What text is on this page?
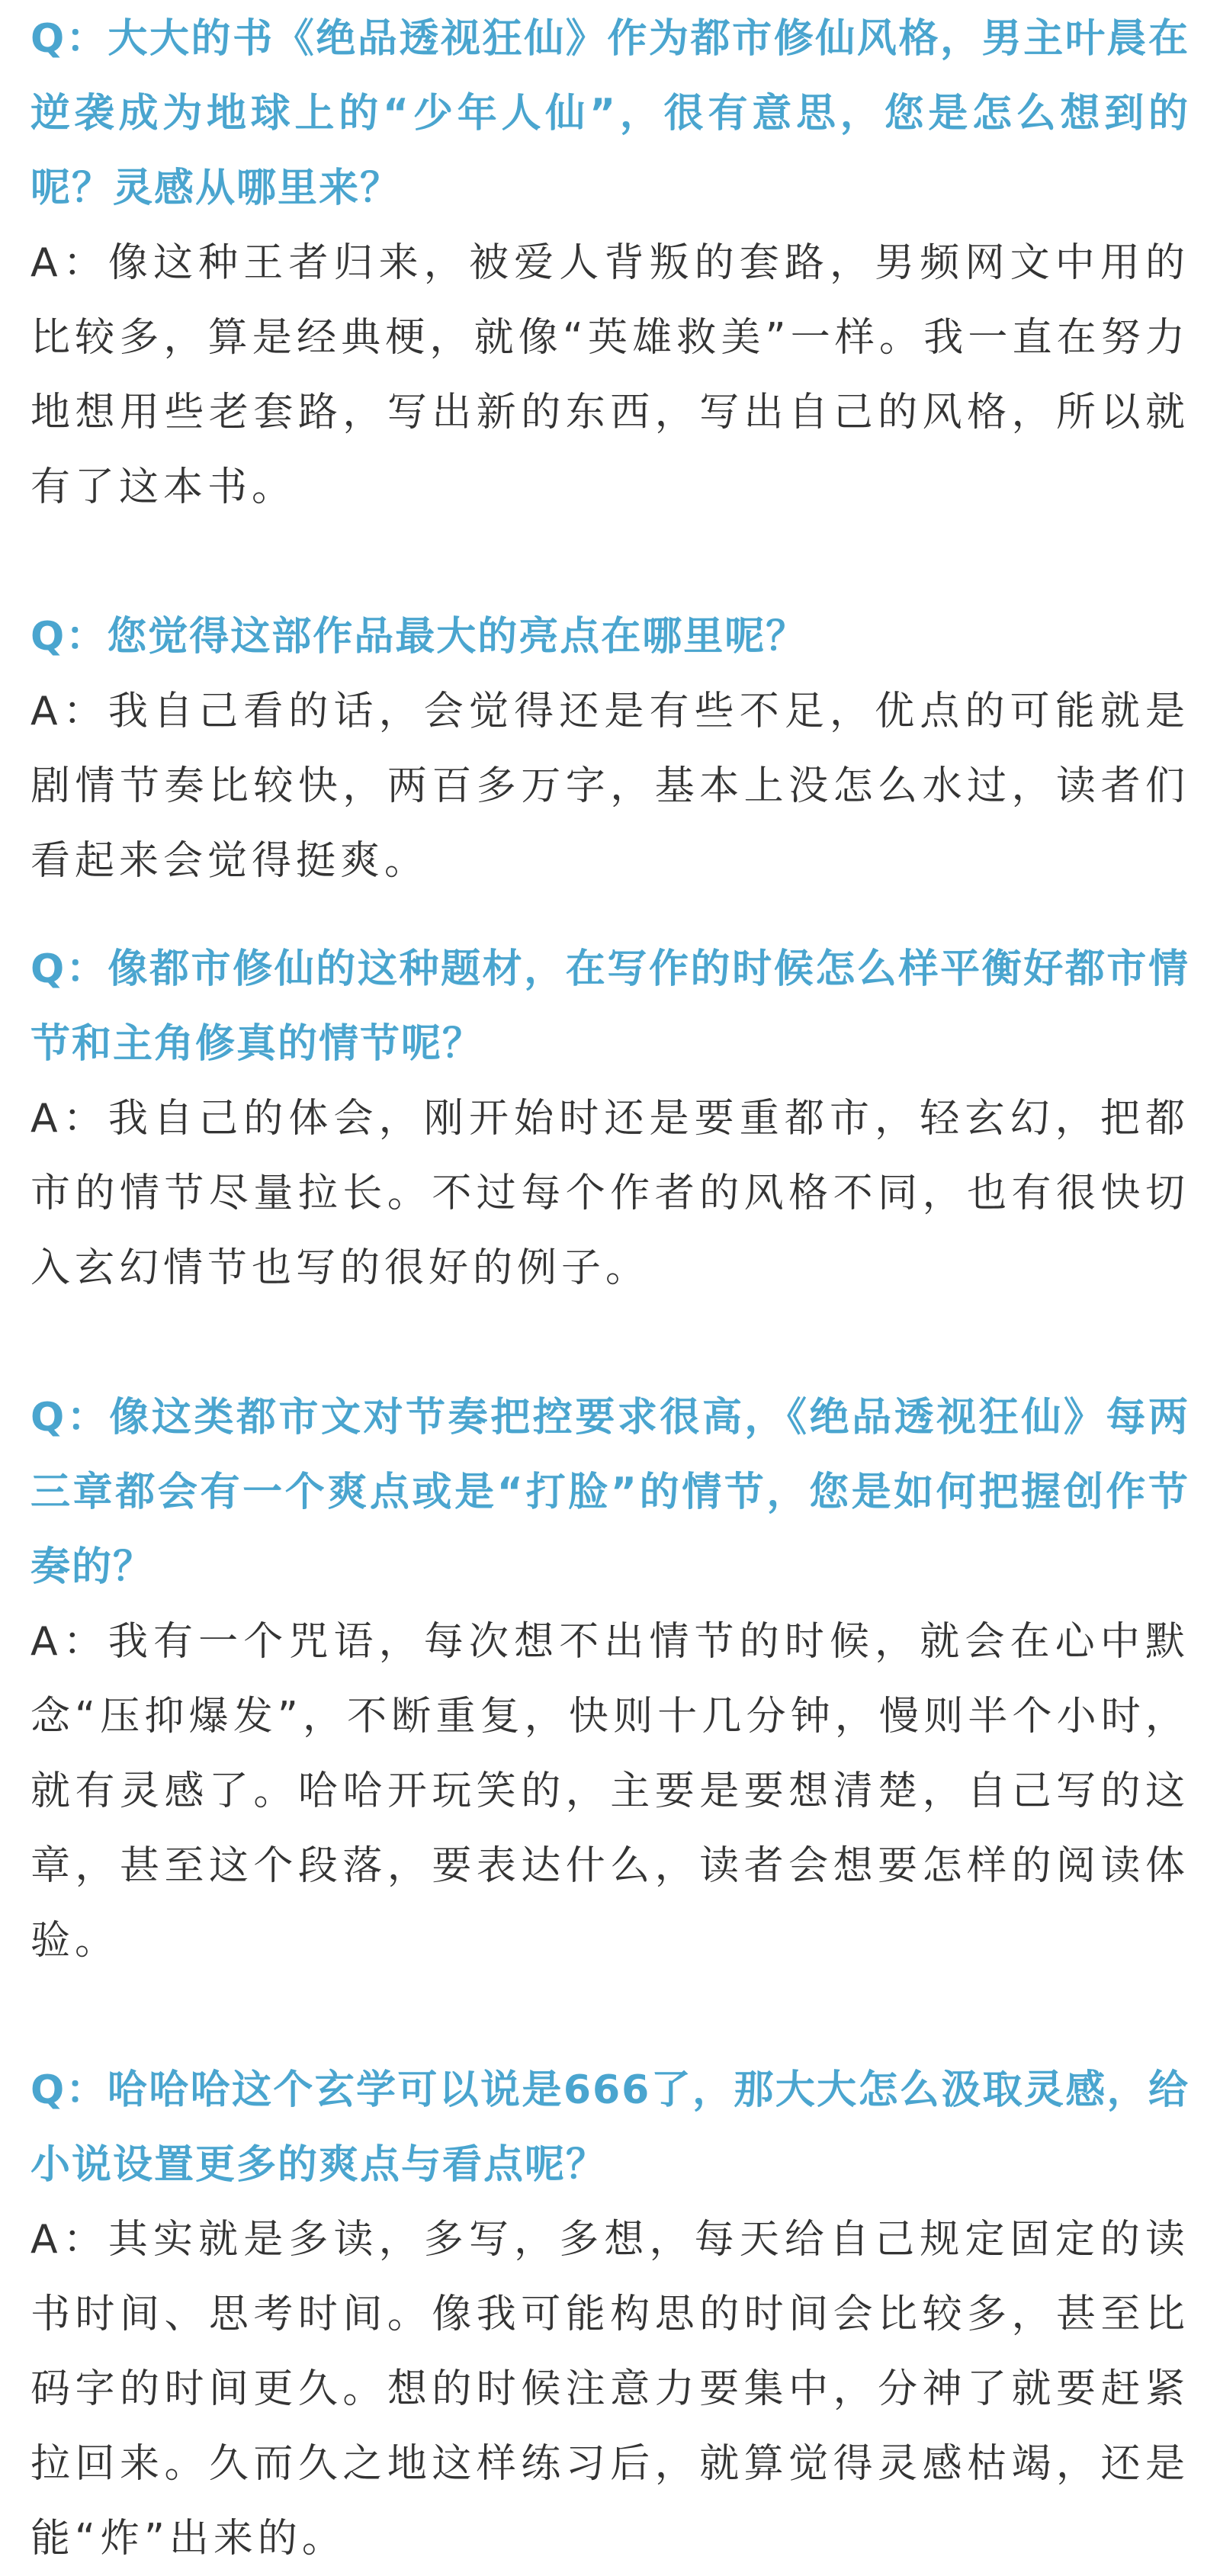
Q：大大的书《绝品透视狂仙》作为都市修仙风格，男主叶晨在逆袭成为地球上的“少年人仙”，很有意思，您是怎么想到的呢？灵感从哪里来？

A：像这种王者归来，被爱人背叛的套路，男频网文中用的比较多，算是经典梗，就像“英雄救美”一样。我一直在努力地想用些老套路，写出新的东西，写出自己的风格，所以就有了这本书。

Q：您觉得这部作品最大的亮点在哪里呢？

A：我自己看的话，会觉得还是有些不足，优点的可能就是剧情节奏比较快，两百多万字，基本上没怎么水过，读者们看起来会觉得挺爽。

Q：像都市修仙的这种题材，在写作的时候怎么样平衡好都市情节和主角修真的情节呢？

A：我自己的体会，刚开始时还是要重都市，轻玄幻，把都市的情节尽量拉长。不过每个作者的风格不同，也有很快切入玄幻情节也写的很好的例子。

Q：像这类都市文对节奏把控要求很高，《绝品透视狂仙》每两三章都会有一个爽点或是“打脸”的情节，您是如何把握创作节奏的？

A：我有一个咒语，每次想不出情节的时候，就会在心中默念“压抑爆发”，不断重复，快则十几分钟，慢则半个小时，就有灵感了。哈哈开玩笑的，主要是要想清楚，自己写的这章，甚至这个段落，要表达什么，读者会想要怎样的阅读体验。

Q：哈哈哈这个玄学可以说是666了，那大大怎么汲取灵感，给小说设置更多的爽点与看点呢？

A：其实就是多读，多写，多想，每天给自己规定固定的读书时间、思考时间。像我可能构思的时间会比较多，甚至比码字的时间更久。想的时候注意力要集中，分神了就要赶紧拉回来。久而久之地这样练习后，就算觉得灵感枯竭，还是能“炸”出来的。
